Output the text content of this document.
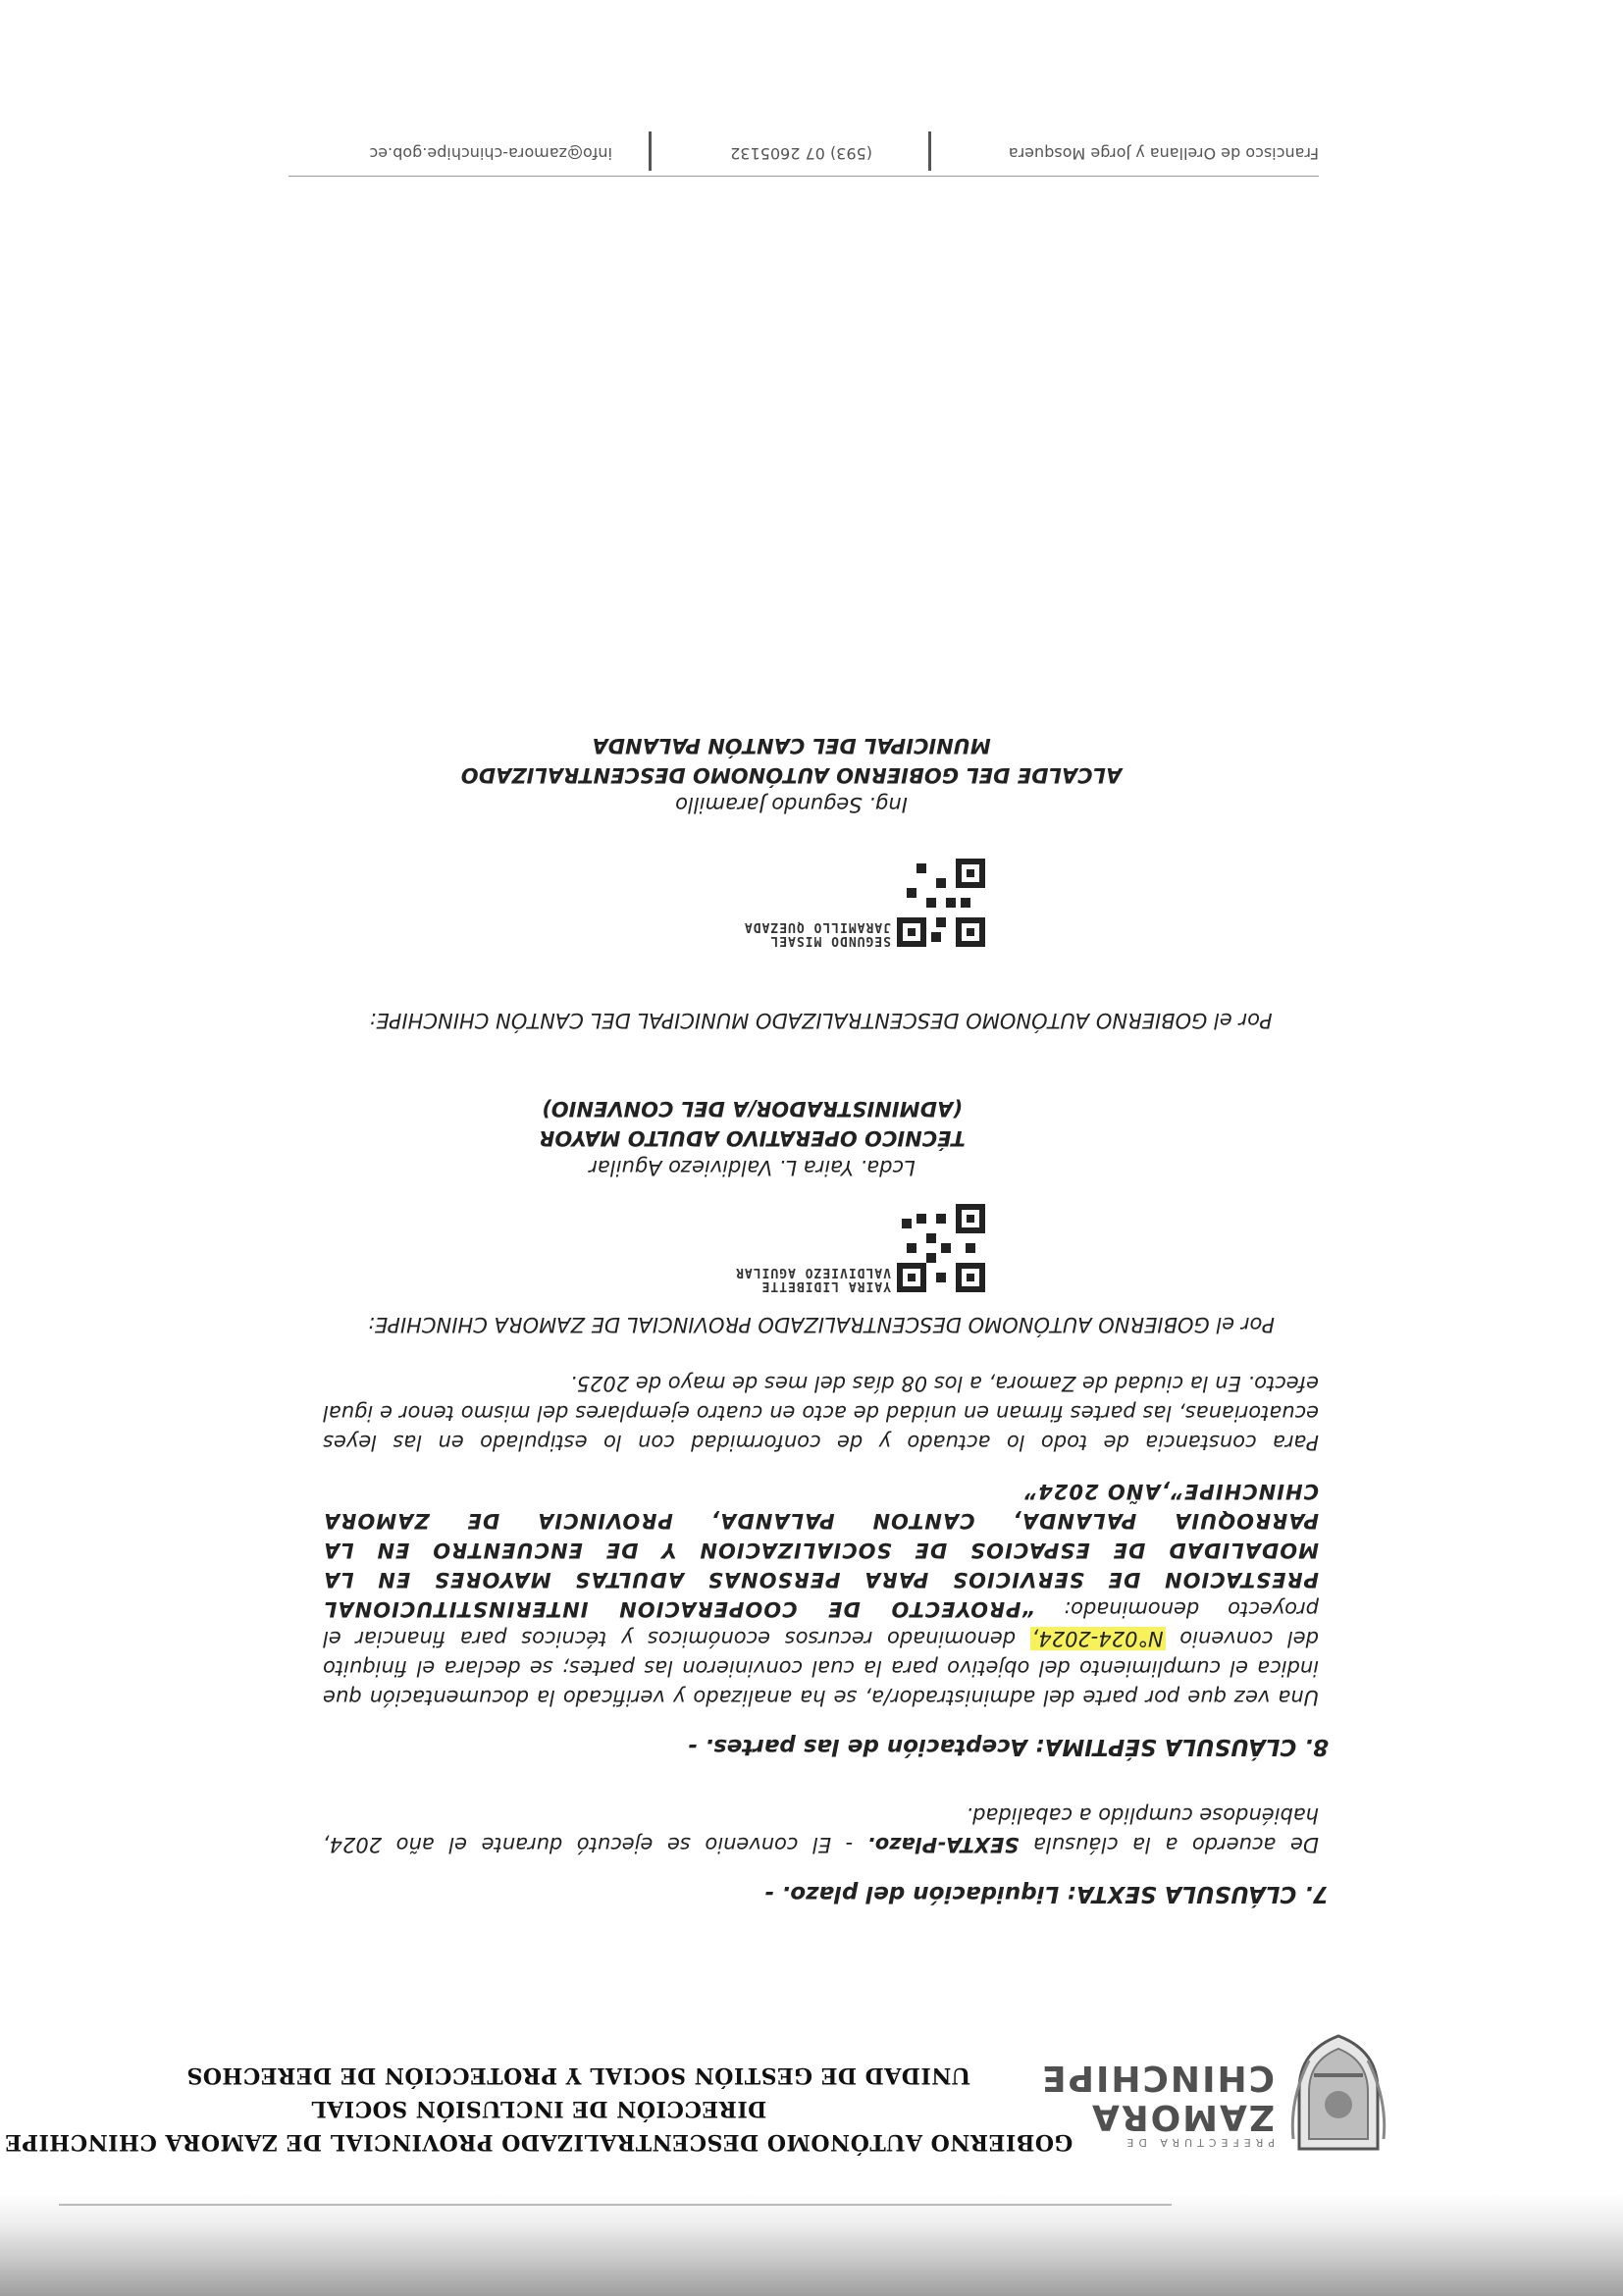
PREFECTURA DE
ZAMORA
CHINCHIPE
GOBIERNO AUTÓNOMO DESCENTRALIZADO PROVINCIAL DE ZAMORA CHINCHIPE
DIRECCIÓN DE INCLUSIÓN SOCIAL
UNIDAD DE GESTIÓN SOCIAL Y PROTECCIÓN DE DERECHOS

7. CLÁUSULA SEXTA: Liquidación del plazo. -

De acuerdo a la cláusula SEXTA-Plazo. - El convenio se ejecutó durante el año 2024, habiéndose cumplido a cabalidad.

8. CLÁUSULA SÉPTIMA: Aceptación de las partes. -

Una vez que por parte del administrador/a, se ha analizado y verificado la documentación que indica el cumplimiento del objetivo para la cual convinieron las partes; se declara el finiquito del convenio N°024-2024, denominado recursos económicos y técnicos para financiar el proyecto denominado: “PROYECTO DE COOPERACION INTERINSTITUCIONAL PRESTACION DE SERVICIOS PARA PERSONAS ADULTAS MAYORES EN LA MODALIDAD DE ESPACIOS DE SOCIALIZACION Y DE ENCUENTRO EN LA PARROQUIA PALANDA, CANTON PALANDA, PROVINCIA DE ZAMORA CHINCHIPE”,AÑO 2024”

Para constancia de todo lo actuado y de conformidad con lo estipulado en las leyes ecuatorianas, las partes firman en unidad de acto en cuatro ejemplares del mismo tenor e igual efecto. En la ciudad de Zamora, a los 08 días del mes de mayo de 2025.

Por el GOBIERNO AUTÓNOMO DESCENTRALIZADO PROVINCIAL DE ZAMORA CHINCHIPE:

YAIRA LIDIBETTE
VALDIVIEZO AGUILAR
Lcda. Yaira L. Valdiviezo Aguilar
TÉCNICO OPERATIVO ADULTO MAYOR
(ADMINISTRADOR/A DEL CONVENIO)

Por el GOBIERNO AUTÓNOMO DESCENTRALIZADO MUNICIPAL DEL CANTÓN CHINCHIPE:

SEGUNDO MISAEL
JARAMILLO QUEZADA
Ing. Segundo Jaramillo
ALCALDE DEL GOBIERNO AUTÓNOMO DESCENTRALIZADO
MUNICIPAL DEL CANTÓN PALANDA
Francisco de Orellana y Jorge Mosquera
(593) 07 2605132
info@zamora-chinchipe.gob.ec
